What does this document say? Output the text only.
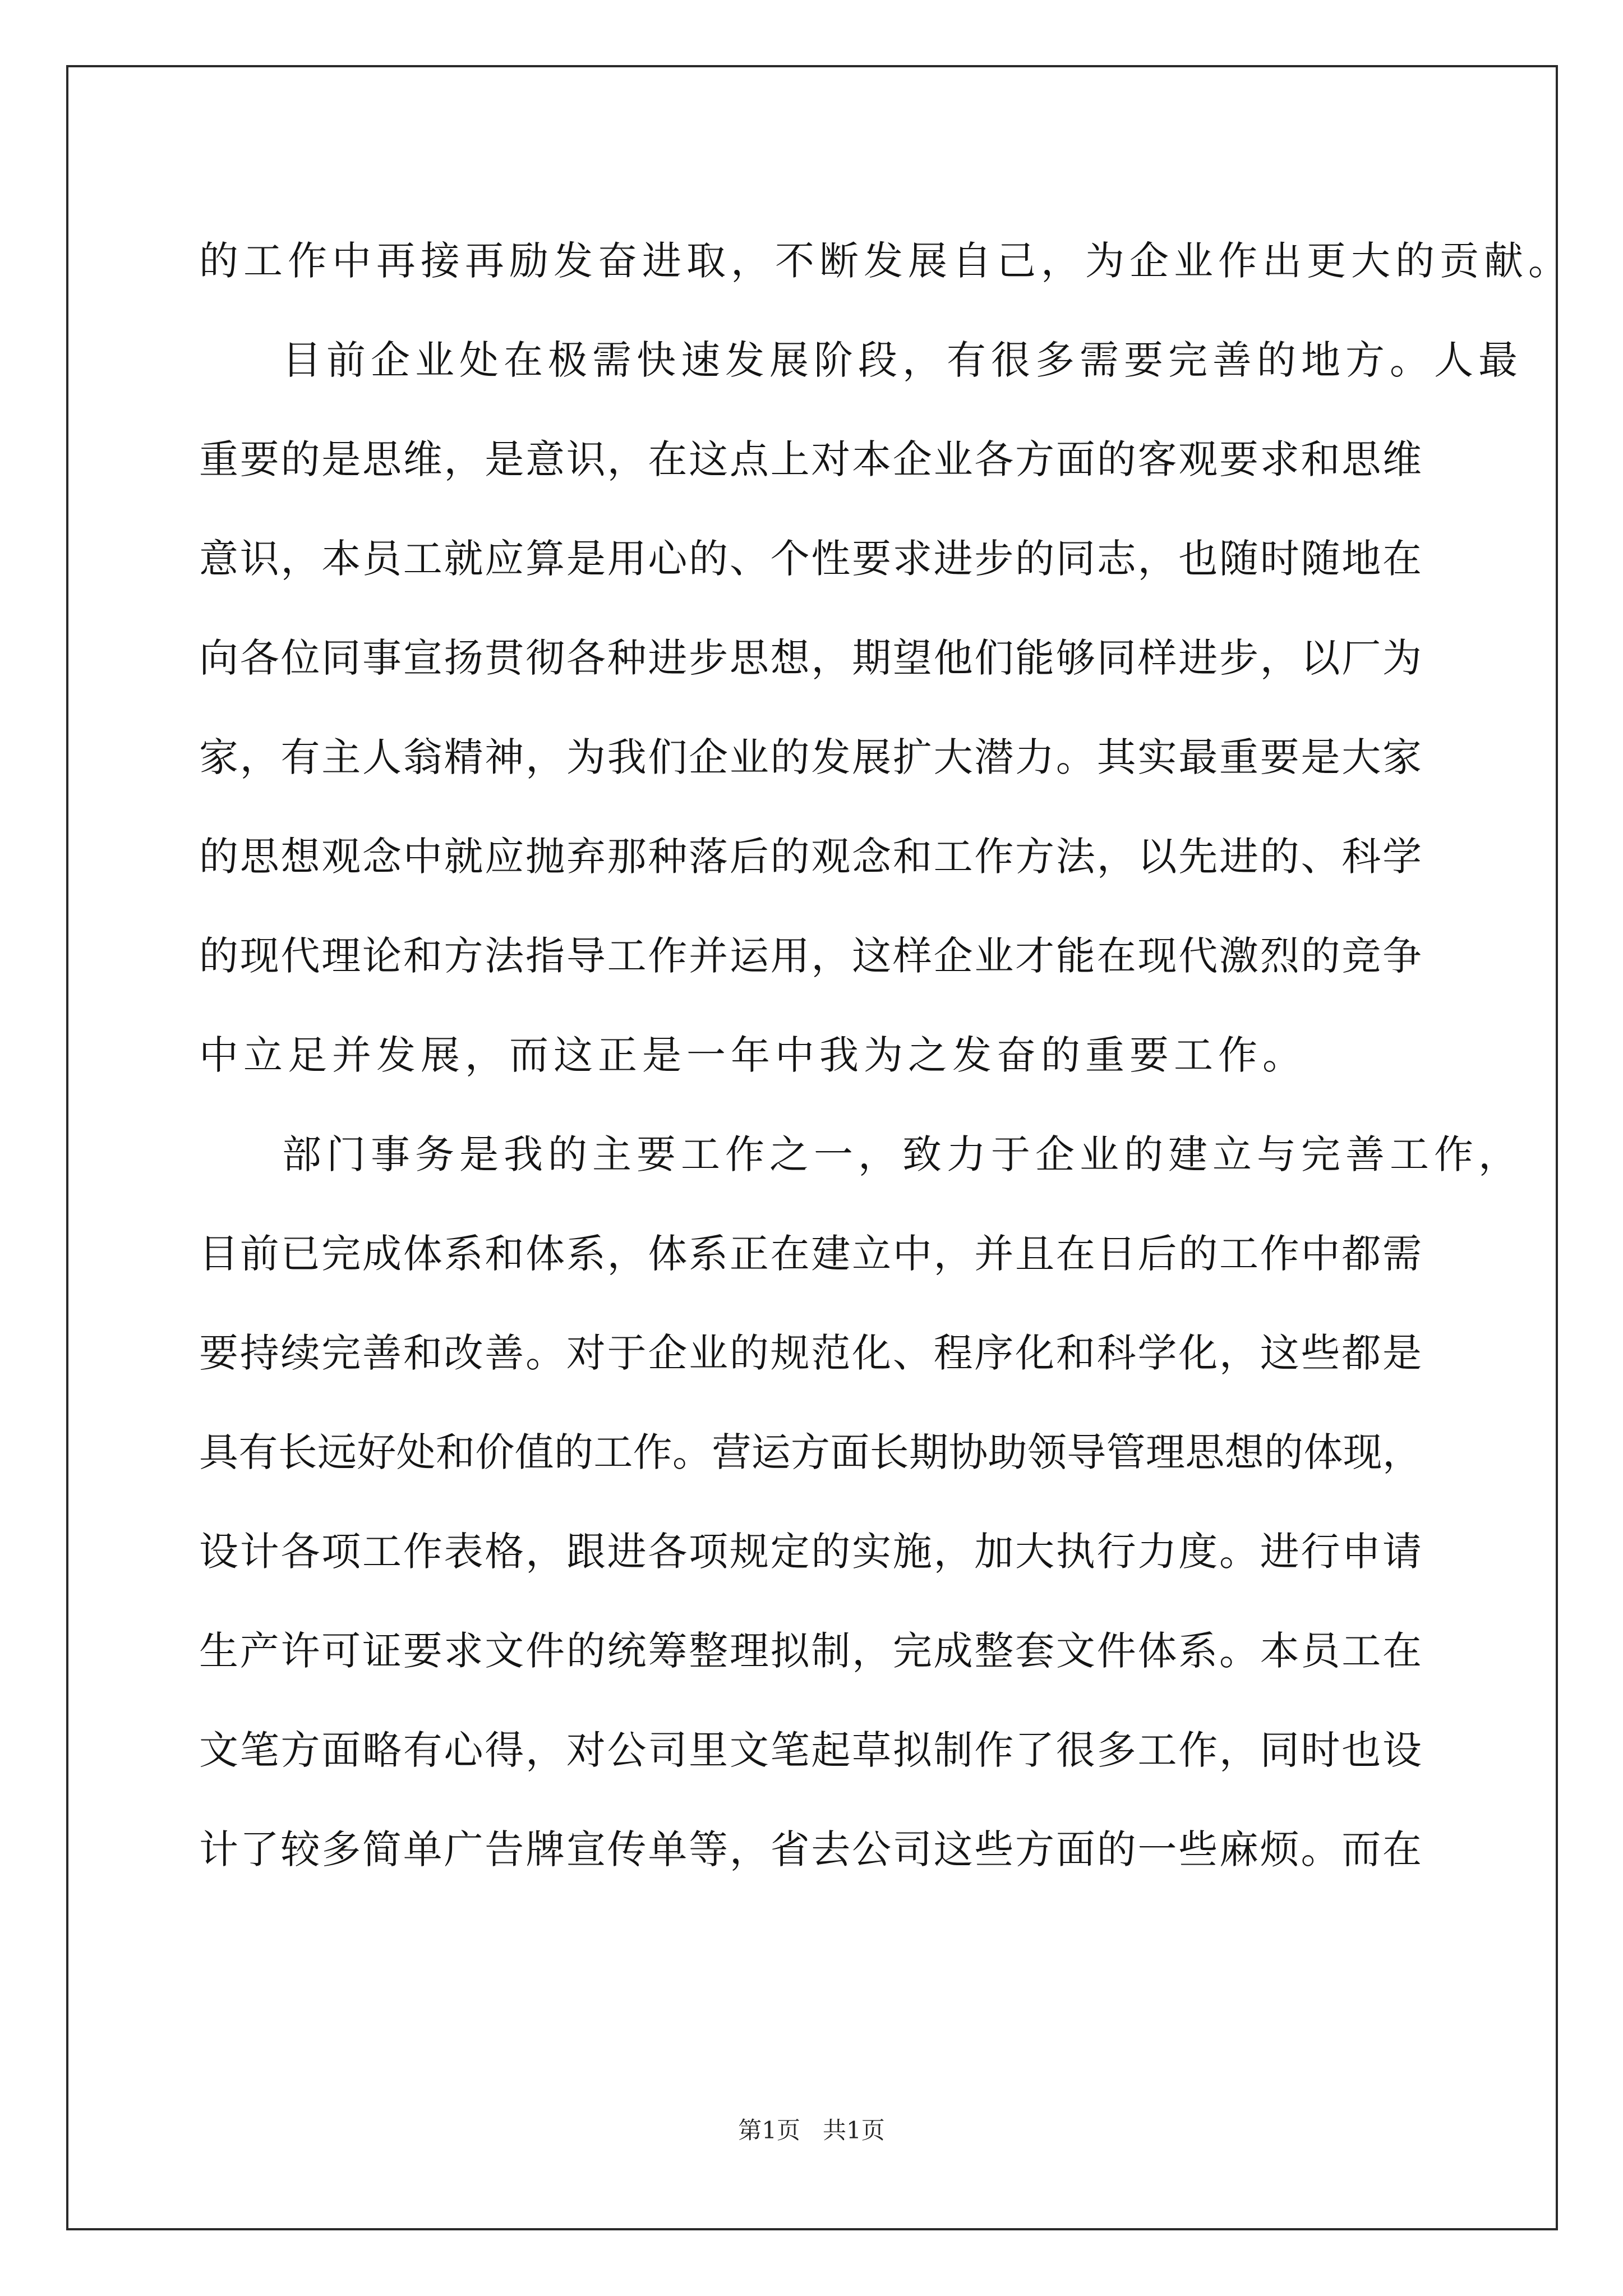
的工作中再接再励发奋进取，不断发展自己，为企业作出更大的贡献。
目前企业处在极需快速发展阶段，有很多需要完善的地方。人最
重要的是思维，是意识，在这点上对本企业各方面的客观要求和思维
意识，本员工就应算是用心的、个性要求进步的同志，也随时随地在
向各位同事宣扬贯彻各种进步思想，期望他们能够同样进步，以厂为
家，有主人翁精神，为我们企业的发展扩大潜力。其实最重要是大家
的思想观念中就应抛弃那种落后的观念和工作方法，以先进的、科学
的现代理论和方法指导工作并运用，这样企业才能在现代激烈的竞争
中立足并发展，而这正是一年中我为之发奋的重要工作。
部门事务是我的主要工作之一，致力于企业的建立与完善工作，
目前已完成体系和体系，体系正在建立中，并且在日后的工作中都需
要持续完善和改善。对于企业的规范化、程序化和科学化，这些都是
具有长远好处和价值的工作。营运方面长期协助领导管理思想的体现，
设计各项工作表格，跟进各项规定的实施，加大执行力度。进行申请
生产许可证要求文件的统筹整理拟制，完成整套文件体系。本员工在
文笔方面略有心得，对公司里文笔起草拟制作了很多工作，同时也设
计了较多简单广告牌宣传单等，省去公司这些方面的一些麻烦。而在
第1页   共1页
